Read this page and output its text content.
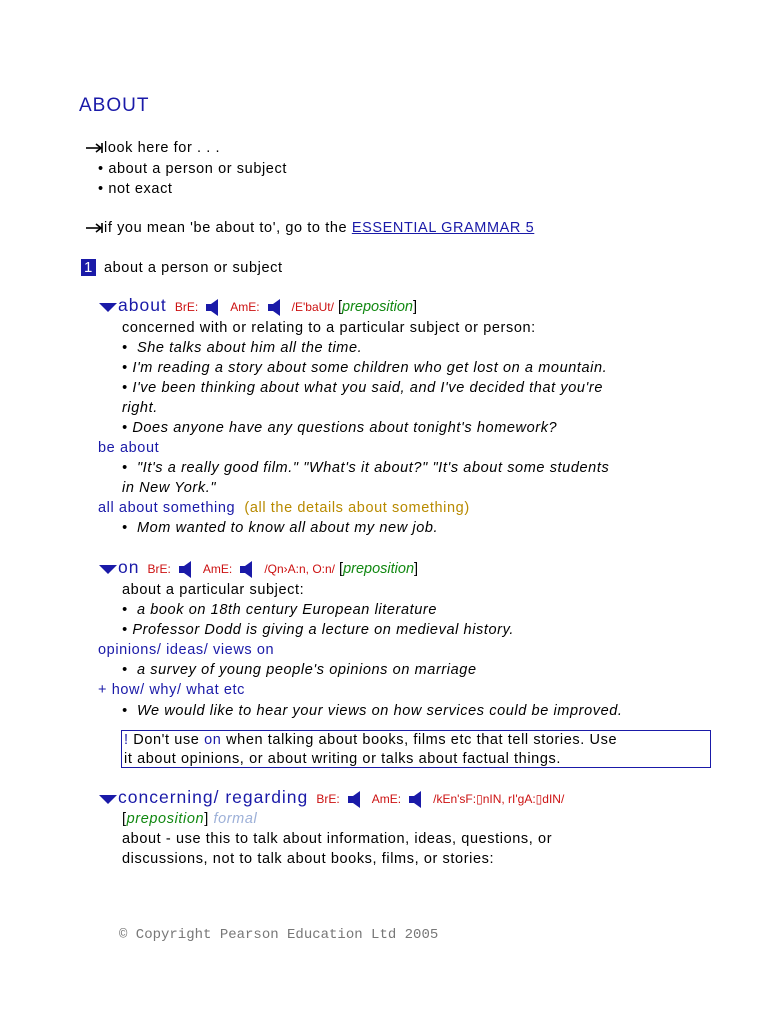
ABOUT
look here for . . .
• about a person or subject
• not exact
if you mean 'be about to', go to the ESSENTIAL GRAMMAR 5
1 about a person or subject
about BrE:	AmE:	/E'baUt/ [preposition]
concerned with or relating to a particular subject or person:
•  She talks about him all the time.
• I'm reading a story about some children who get lost on a mountain.
• I've been thinking about what you said, and I've decided that you're
right.
• Does anyone have any questions about tonight's homework?
be about
•  "It's a really good film." "What's it about?" "It's about some students
in New York."
all about something (all the details about something)
•  Mom wanted to know all about my new job.
on BrE:	AmE:	/Qn›A:n, O:n/ [preposition]
about a particular subject:
•  a book on 18th century European literature
• Professor Dodd is giving a lecture on medieval history.
opinions/ ideas/ views on
•  a survey of young people's opinions on marriage
+ how/ why/ what etc
•  We would like to hear your views on how services could be improved.
! Don't use on when talking about books, films etc that tell stories. Use
it about opinions, or about writing or talks about factual things.
concerning/ regarding BrE:	AmE:	/kEn'sF:▯nIN, rI'gA:▯dIN/
[preposition] formal
about - use this to talk about information, ideas, questions, or
discussions, not to talk about books, films, or stories:
© Copyright Pearson Education Ltd 2005
